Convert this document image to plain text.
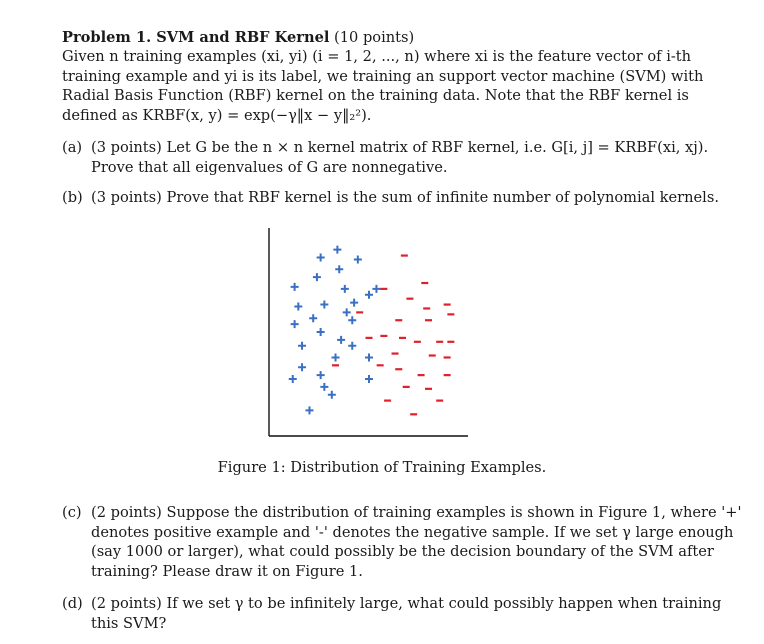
Problem 1. SVM and RBF Kernel (10 points)
Given n training examples (xi, yi) (i = 1, 2, ..., n) where xi is the feature vector of i-th
training example and yi is its label, we training an support vector machine (SVM) with
Radial Basis Function (RBF) kernel on the training data. Note that the RBF kernel is
defined as KRBF(x, y) = exp(−γ‖x − y‖₂²).
(a) (3 points) Let G be the n × n kernel matrix of RBF kernel, i.e. G[i, j] = KRBF(xi, xj).
Prove that all eigenvalues of G are nonnegative.
(b) (3 points) Prove that RBF kernel is the sum of infinite number of polynomial kernels.
Figure 1: Distribution of Training Examples.
(c) (2 points) Suppose the distribution of training examples is shown in Figure 1, where '+'
denotes positive example and '-' denotes the negative sample. If we set γ large enough
(say 1000 or larger), what could possibly be the decision boundary of the SVM after
training? Please draw it on Figure 1.
(d) (2 points) If we set γ to be infinitely large, what could possibly happen when training
this SVM?
